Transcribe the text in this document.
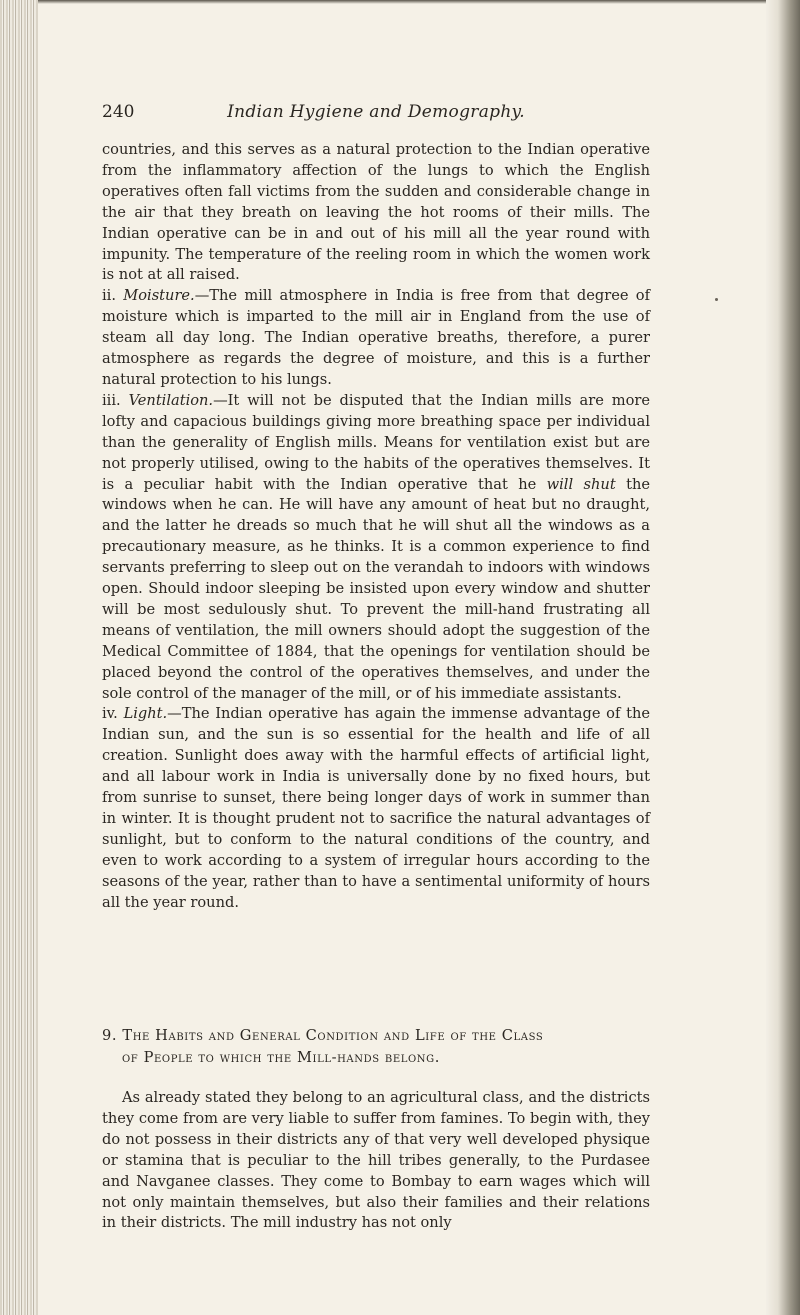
240	Indian Hygiene and Demography.

countries, and this serves as a natural protection to the Indian operative from the inflammatory affection of the lungs to which the English operatives often fall victims from the sudden and considerable change in the air that they breath on leaving the hot rooms of their mills. The Indian operative can be in and out of his mill all the year round with impunity. The temperature of the reeling room in which the women work is not at all raised.

ii. Moisture.—The mill atmosphere in India is free from that degree of moisture which is imparted to the mill air in England from the use of steam all day long. The Indian operative breaths, therefore, a purer atmosphere as regards the degree of moisture, and this is a further natural protection to his lungs.

iii. Ventilation.—It will not be disputed that the Indian mills are more lofty and capacious buildings giving more breathing space per individual than the generality of English mills. Means for ventilation exist but are not properly utilised, owing to the habits of the operatives themselves. It is a peculiar habit with the Indian operative that he will shut the windows when he can. He will have any amount of heat but no draught, and the latter he dreads so much that he will shut all the windows as a precautionary measure, as he thinks. It is a common experience to find servants preferring to sleep out on the verandah to indoors with windows open. Should indoor sleeping be insisted upon every window and shutter will be most sedulously shut. To prevent the mill-hand frustrating all means of ventilation, the mill owners should adopt the suggestion of the Medical Committee of 1884, that the openings for ventilation should be placed beyond the control of the operatives themselves, and under the sole control of the manager of the mill, or of his immediate assistants.

iv. Light.—The Indian operative has again the immense advantage of the Indian sun, and the sun is so essential for the health and life of all creation. Sunlight does away with the harmful effects of artificial light, and all labour work in India is universally done by no fixed hours, but from sunrise to sunset, there being longer days of work in summer than in winter. It is thought prudent not to sacrifice the natural advantages of sunlight, but to conform to the natural conditions of the country, and even to work according to a system of irregular hours according to the seasons of the year, rather than to have a sentimental uniformity of hours all the year round.

9. The Habits and General Condition and Life of the Class
of People to which the Mill-hands belong.

As already stated they belong to an agricultural class, and the districts they come from are very liable to suffer from famines. To begin with, they do not possess in their districts any of that very well developed physique or stamina that is peculiar to the hill tribes generally, to the Purdasee and Navganee classes. They come to Bombay to earn wages which will not only maintain themselves, but also their families and their relations in their districts. The mill industry has not only
